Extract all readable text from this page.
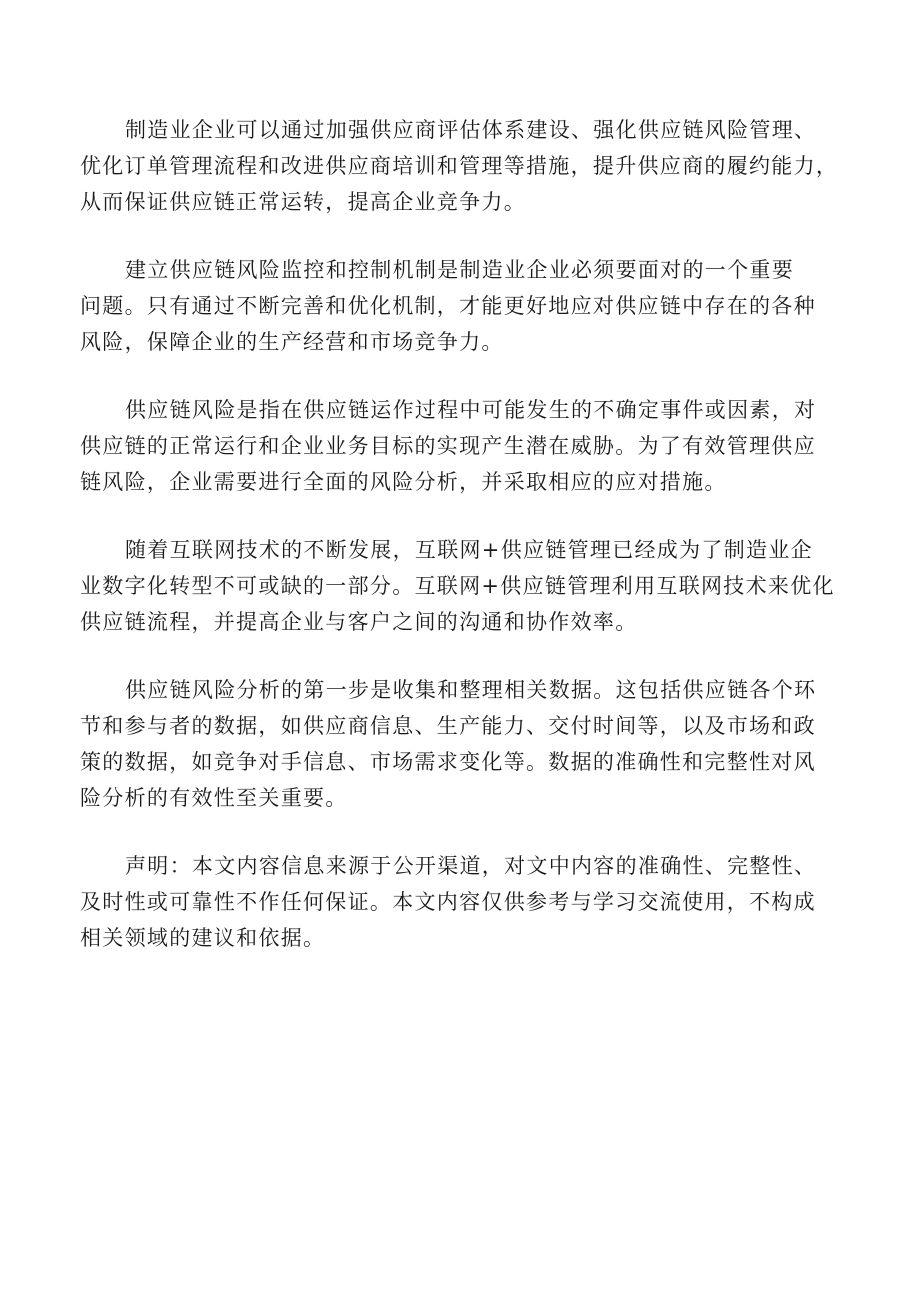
制造业企业可以通过加强供应商评估体系建设、强化供应链风险管理、
优化订单管理流程和改进供应商培训和管理等措施，提升供应商的履约能力，
从而保证供应链正常运转，提高企业竞争力。
建立供应链风险监控和控制机制是制造业企业必须要面对的一个重要
问题。只有通过不断完善和优化机制，才能更好地应对供应链中存在的各种
风险，保障企业的生产经营和市场竞争力。
供应链风险是指在供应链运作过程中可能发生的不确定事件或因素，对
供应链的正常运行和企业业务目标的实现产生潜在威胁。为了有效管理供应
链风险，企业需要进行全面的风险分析，并采取相应的应对措施。
随着互联网技术的不断发展，互联网+供应链管理已经成为了制造业企
业数字化转型不可或缺的一部分。互联网+供应链管理利用互联网技术来优化
供应链流程，并提高企业与客户之间的沟通和协作效率。
供应链风险分析的第一步是收集和整理相关数据。这包括供应链各个环
节和参与者的数据，如供应商信息、生产能力、交付时间等，以及市场和政
策的数据，如竞争对手信息、市场需求变化等。数据的准确性和完整性对风
险分析的有效性至关重要。
声明：本文内容信息来源于公开渠道，对文中内容的准确性、完整性、
及时性或可靠性不作任何保证。本文内容仅供参考与学习交流使用，不构成
相关领域的建议和依据。
